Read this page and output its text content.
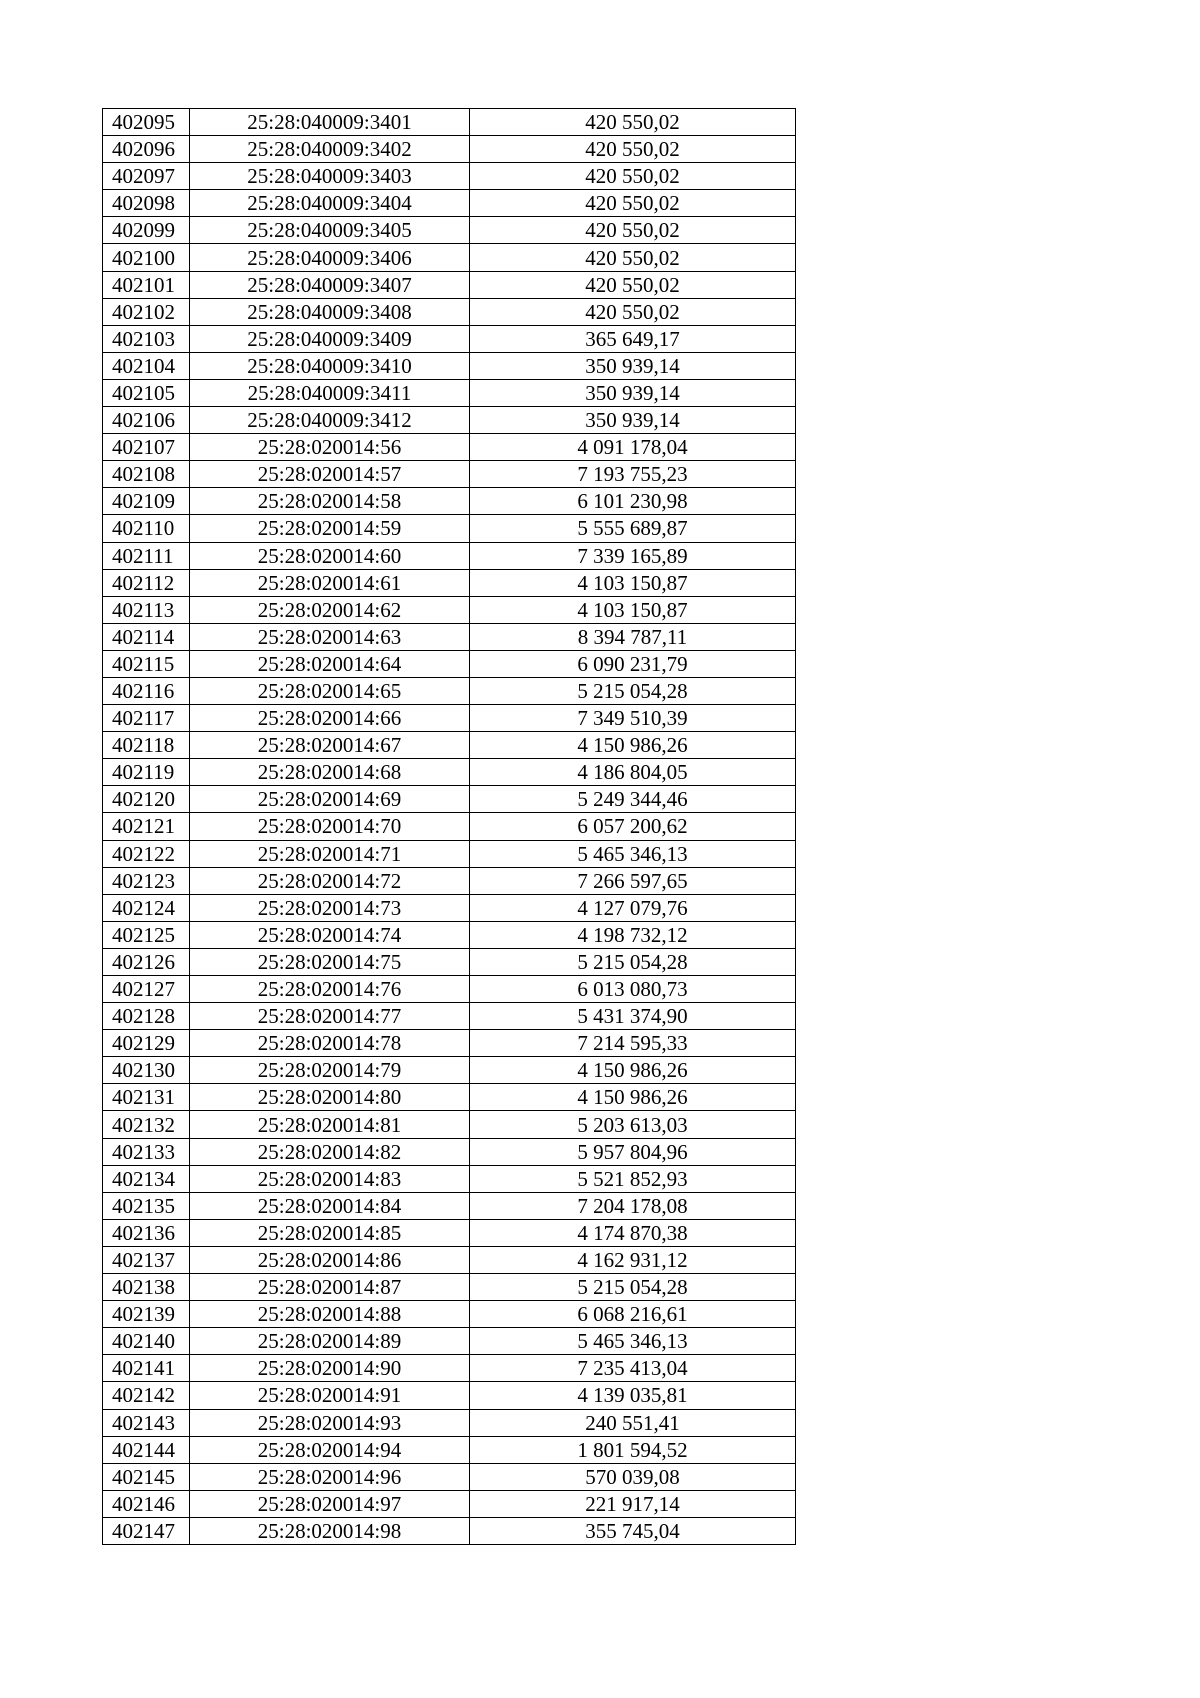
402095	25:28:040009:3401	420 550,02
402096	25:28:040009:3402	420 550,02
402097	25:28:040009:3403	420 550,02
402098	25:28:040009:3404	420 550,02
402099	25:28:040009:3405	420 550,02
402100	25:28:040009:3406	420 550,02
402101	25:28:040009:3407	420 550,02
402102	25:28:040009:3408	420 550,02
402103	25:28:040009:3409	365 649,17
402104	25:28:040009:3410	350 939,14
402105	25:28:040009:3411	350 939,14
402106	25:28:040009:3412	350 939,14
402107	25:28:020014:56	4 091 178,04
402108	25:28:020014:57	7 193 755,23
402109	25:28:020014:58	6 101 230,98
402110	25:28:020014:59	5 555 689,87
402111	25:28:020014:60	7 339 165,89
402112	25:28:020014:61	4 103 150,87
402113	25:28:020014:62	4 103 150,87
402114	25:28:020014:63	8 394 787,11
402115	25:28:020014:64	6 090 231,79
402116	25:28:020014:65	5 215 054,28
402117	25:28:020014:66	7 349 510,39
402118	25:28:020014:67	4 150 986,26
402119	25:28:020014:68	4 186 804,05
402120	25:28:020014:69	5 249 344,46
402121	25:28:020014:70	6 057 200,62
402122	25:28:020014:71	5 465 346,13
402123	25:28:020014:72	7 266 597,65
402124	25:28:020014:73	4 127 079,76
402125	25:28:020014:74	4 198 732,12
402126	25:28:020014:75	5 215 054,28
402127	25:28:020014:76	6 013 080,73
402128	25:28:020014:77	5 431 374,90
402129	25:28:020014:78	7 214 595,33
402130	25:28:020014:79	4 150 986,26
402131	25:28:020014:80	4 150 986,26
402132	25:28:020014:81	5 203 613,03
402133	25:28:020014:82	5 957 804,96
402134	25:28:020014:83	5 521 852,93
402135	25:28:020014:84	7 204 178,08
402136	25:28:020014:85	4 174 870,38
402137	25:28:020014:86	4 162 931,12
402138	25:28:020014:87	5 215 054,28
402139	25:28:020014:88	6 068 216,61
402140	25:28:020014:89	5 465 346,13
402141	25:28:020014:90	7 235 413,04
402142	25:28:020014:91	4 139 035,81
402143	25:28:020014:93	240 551,41
402144	25:28:020014:94	1 801 594,52
402145	25:28:020014:96	570 039,08
402146	25:28:020014:97	221 917,14
402147	25:28:020014:98	355 745,04
